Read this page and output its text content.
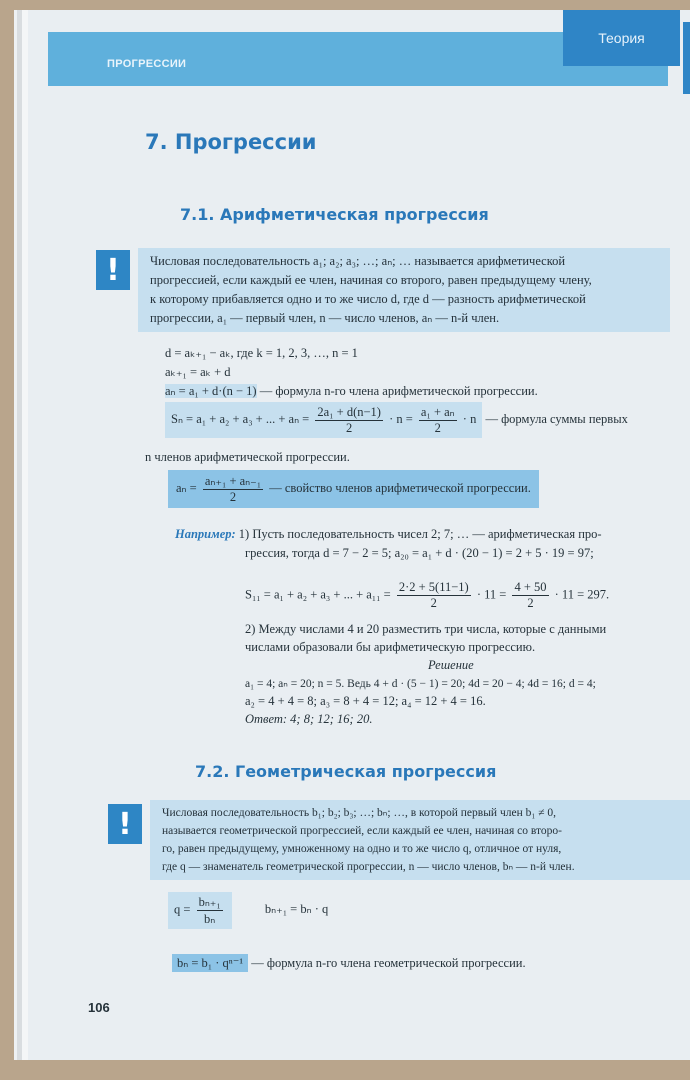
Теория
ПРОГРЕССИИ
7. Прогрессии
7.1. Арифметическая прогрессия
!	Числовая последовательность a₁; a₂; a₃; …; aₙ; … называется арифметической
прогрессией, если каждый ее член, начиная со второго, равен предыдущему члену,
к которому прибавляется одно и то же число d, где d — разность арифметической
прогрессии, a₁ — первый член, n — число членов, aₙ — n-й член.
d = aₖ₊₁ − aₖ, где k = 1, 2, 3, …, n = 1
aₖ₊₁ = aₖ + d
aₙ = a₁ + d·(n − 1) — формула n-го члена арифметической прогрессии.
Sₙ = a₁ + a₂ + a₃ + ... + $a_n = \frac{\text{2a₁ + d(n−1)}}{2} \cdot n = \frac{\text{a₁ + aₙ}}{2} \cdot n$ — формула суммы первых
n членов арифметической прогрессии.
$a_n = \frac{\text{aₙ₊₁ + aₙ₋₁}}{2}$ — свойство членов арифметической прогрессии.
Например: 1) Пусть последовательность чисел 2; 7; … — арифметическая про-
грессия, тогда d = 7 − 2 = 5; a₂₀ = a₁ + d · (20 − 1) = 2 + 5 · 19 = 97;
S₁₁ = a₁ + a₂ + a₃ + ... + $a_{11} = \frac{2\cdot 2 + 5(11-1)}{2} \cdot 11 = \frac{4 + 50}{2} \cdot 11 = 297$.
2) Между числами 4 и 20 разместить три числа, которые с данными
числами образовали бы арифметическую прогрессию.
Решение
a₁ = 4; aₙ = 20; n = 5. Ведь 4 + d · (5 − 1) = 20; 4d = 20 − 4; 4d = 16; d = 4;
a₂ = 4 + 4 = 8; a₃ = 8 + 4 = 12; a₄ = 12 + 4 = 16.
Ответ: 4; 8; 12; 16; 20.
7.2. Геометрическая прогрессия
!	Числовая последовательность b₁; b₂; b₃; …; bₙ; …, в которой первый член b₁ ≠ 0,
называется геометрической прогрессией, если каждый ее член, начиная со второ-
го, равен предыдущему, умноженному на одно и то же число q, отличное от нуля,
где q — знаменатель геометрической прогрессии, n — число членов, bₙ — n-й член.
$q = \frac{\text{bₙ₊₁}}{\text{bₙ}}$	bₙ₊₁ = bₙ · q
bₙ = b₁ · qⁿ⁻¹ — формула n-го члена геометрической прогрессии.
106
